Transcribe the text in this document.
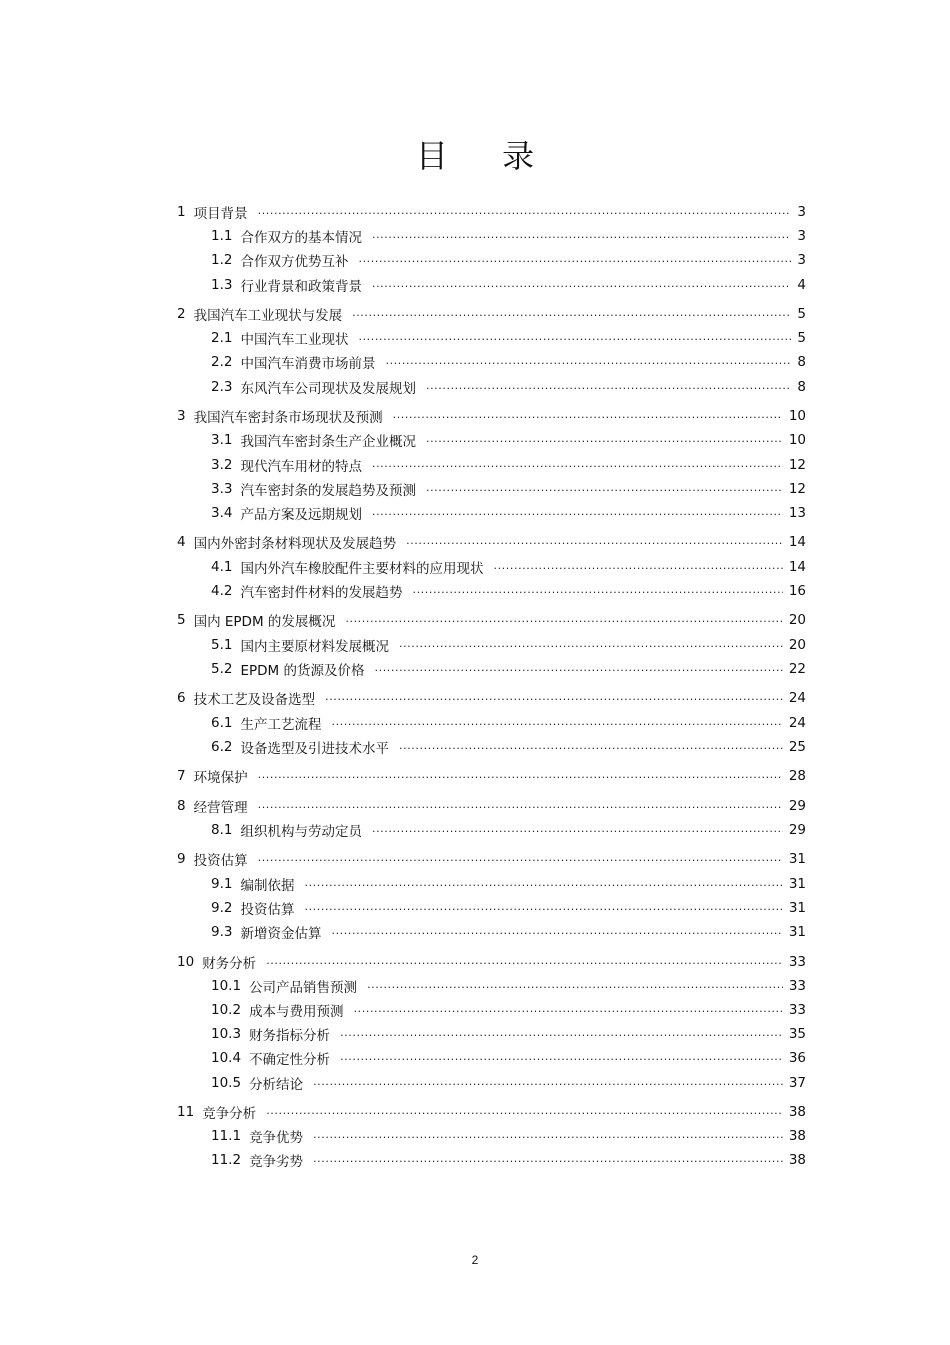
目 录
1 项目背景 .....	3
1.1 合作双方的基本情况 .....	3
1.2 合作双方优势互补 .....	3
1.3 行业背景和政策背景 .....	4
2 我国汽车工业现状与发展 .....	5
2.1 中国汽车工业现状 .....	5
2.2 中国汽车消费市场前景 .....	8
2.3 东风汽车公司现状及发展规划 .....	8
3 我国汽车密封条市场现状及预测 .....	10
3.1 我国汽车密封条生产企业概况 .....	10
3.2 现代汽车用材的特点 .....	12
3.3 汽车密封条的发展趋势及预测 .....	12
3.4 产品方案及远期规划 .....	13
4 国内外密封条材料现状及发展趋势 .....	14
4.1 国内外汽车橡胶配件主要材料的应用现状 .....	14
4.2 汽车密封件材料的发展趋势 .....	16
5 国内 EPDM 的发展概况 .....	20
5.1 国内主要原材料发展概况 .....	20
5.2 EPDM 的货源及价格 .....	22
6 技术工艺及设备选型 .....	24
6.1 生产工艺流程 .....	24
6.2 设备选型及引进技术水平 .....	25
7 环境保护 .....	28
8 经营管理 .....	29
8.1 组织机构与劳动定员 .....	29
9 投资估算 .....	31
9.1 编制依据 .....	31
9.2 投资估算 .....	31
9.3 新增资金估算 .....	31
10 财务分析 .....	33
10.1 公司产品销售预测 .....	33
10.2 成本与费用预测 .....	33
10.3 财务指标分析 .....	35
10.4 不确定性分析 .....	36
10.5 分析结论 .....	37
11 竞争分析 .....	38
11.1 竞争优势 .....	38
11.2 竞争劣势 .....	38
2
